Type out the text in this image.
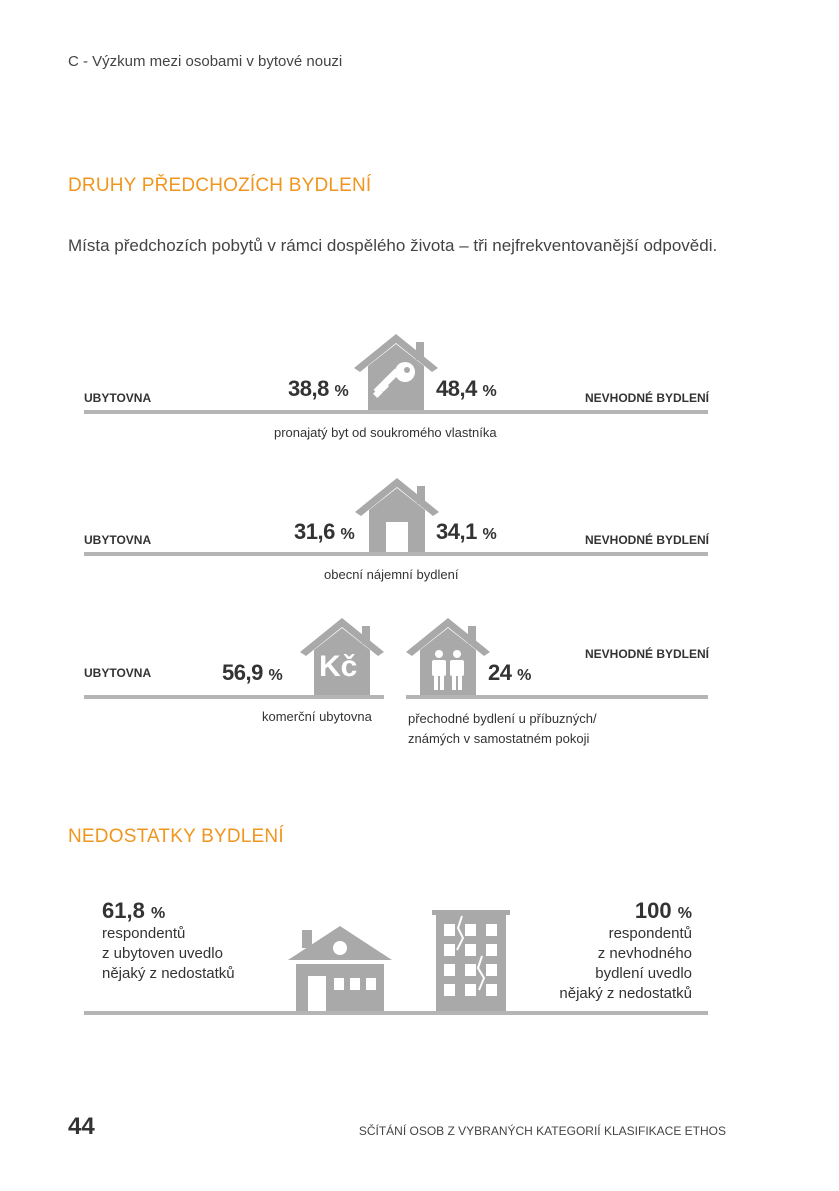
C - Výzkum mezi osobami v bytové nouzi
DRUHY PŘEDCHOZÍCH BYDLENÍ
Místa předchozích pobytů v rámci dospělého života – tři nejfrekventovanější odpovědi.
UBYTOVNA	NEVHODNÉ BYDLENÍ
38,8 %	48,4 %
pronajatý byt od soukromého vlastníka
UBYTOVNA	NEVHODNÉ BYDLENÍ
31,6 %	34,1 %
obecní nájemní bydlení
UBYTOVNA
NEVHODNÉ BYDLENÍ
56,9 % Kč	24 %
komerční ubytovna	přechodné bydlení u příbuzných/
známých v samostatném pokoji
NEDOSTATKY BYDLENÍ
61,8 %
respondentů
z ubytoven uvedlo
nějaký z nedostatků
100 %
respondentů
z nevhodného
bydlení uvedlo
nějaký z nedostatků
44	SČÍTÁNÍ OSOB Z VYBRANÝCH KATEGORIÍ KLASIFIKACE ETHOS
